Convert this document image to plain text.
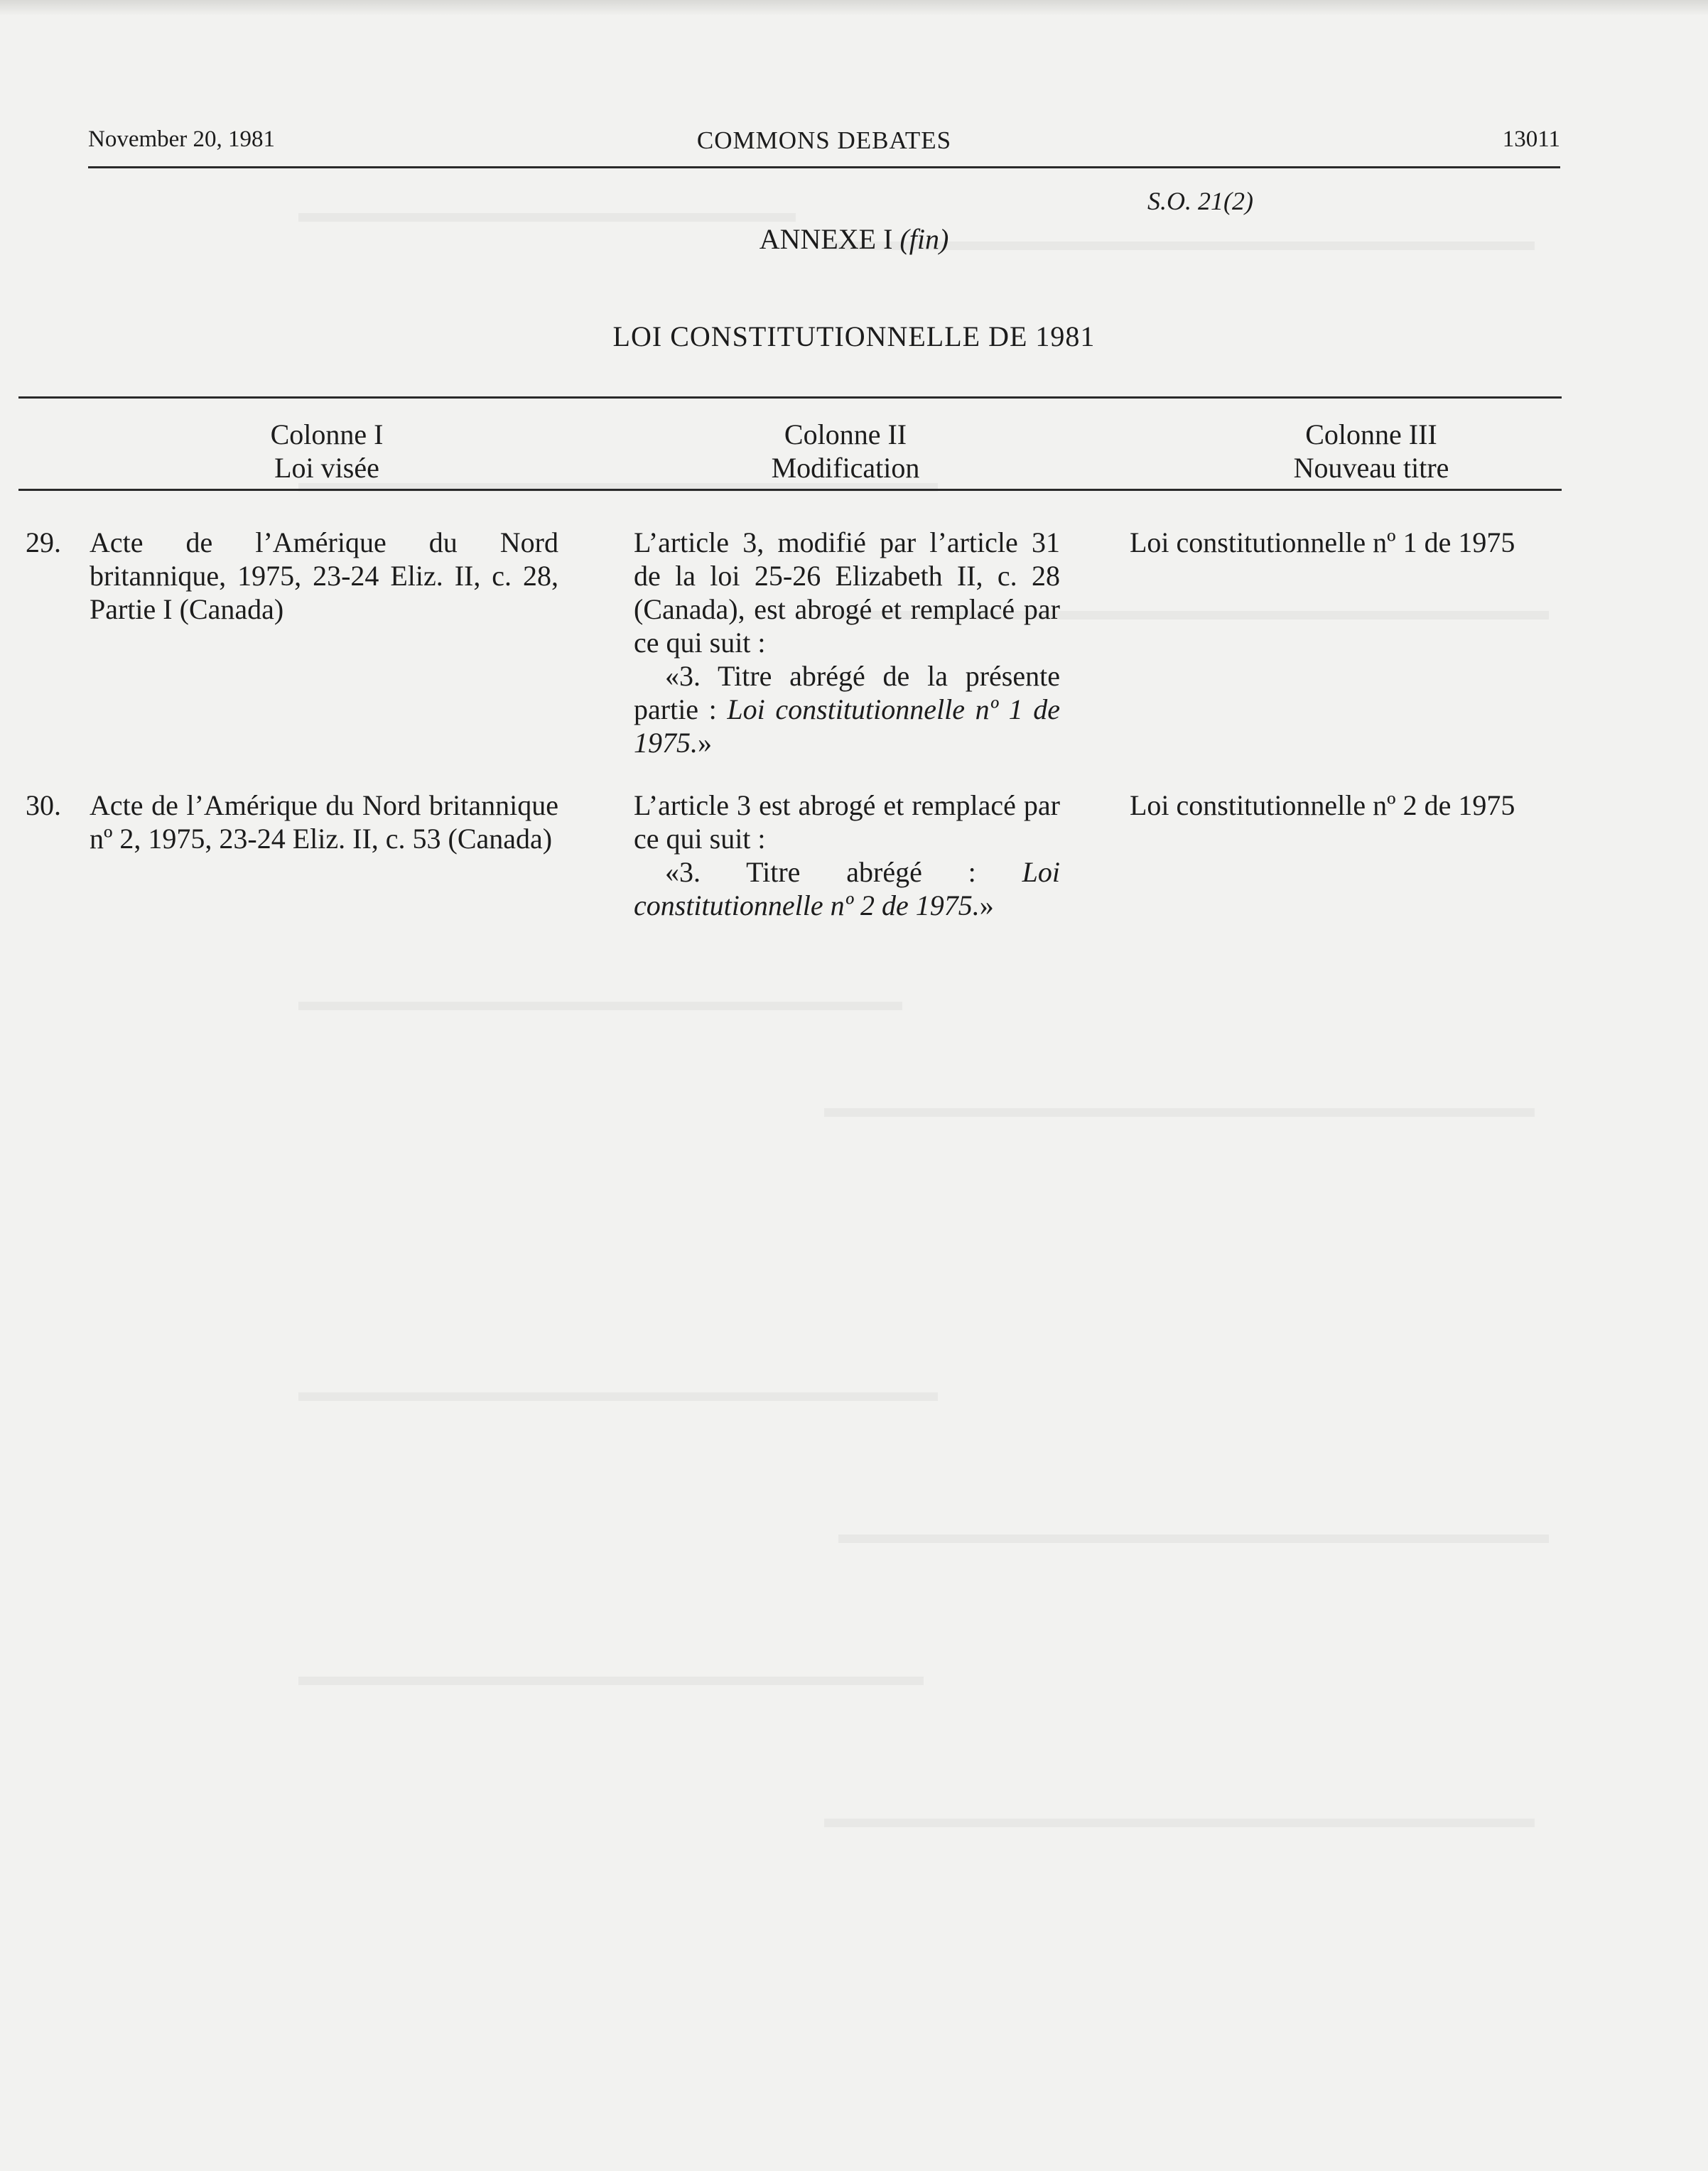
November 20, 1981	COMMONS DEBATES	13011
S.O. 21(2)
ANNEXE I (fin)
LOI CONSTITUTIONNELLE DE 1981
Colonne I
Loi visée
Colonne II
Modification
Colonne III
Nouveau titre
29. Acte de l’Amérique du Nord britannique, 1975, 23-24 Eliz. II, c. 28, Partie I (Canada)

L’article 3, modifié par l’article 31 de la loi 25-26 Elizabeth II, c. 28 (Canada), est abrogé et remplacé par ce qui suit :

«3. Titre abrégé de la présente partie : Loi constitutionnelle nº 1 de 1975.»

Loi constitutionnelle nº 1 de 1975
30. Acte de l’Amérique du Nord britannique nº 2, 1975, 23-24 Eliz. II, c. 53 (Canada)

L’article 3 est abrogé et remplacé par ce qui suit :

«3. Titre abrégé : Loi constitutionnelle nº 2 de 1975.»

Loi constitutionnelle nº 2 de 1975
